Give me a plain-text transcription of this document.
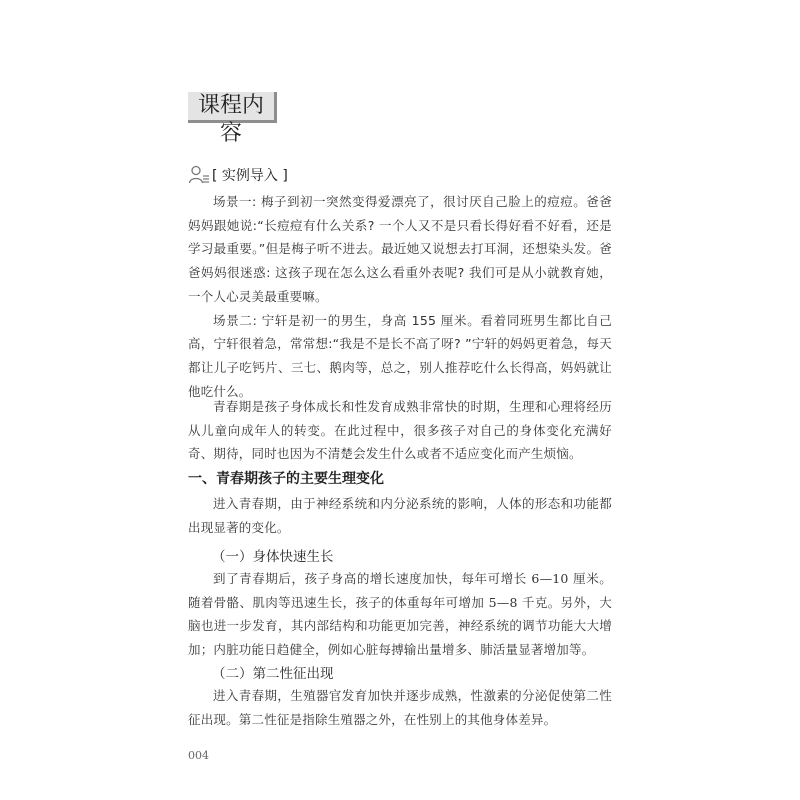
课程内容
[ 实例导入 ]

场景一: 梅子到初一突然变得爱漂亮了，很讨厌自己脸上的痘痘。爸爸妈妈跟她说:“长痘痘有什么关系? 一个人又不是只看长得好看不好看，还是学习最重要。”但是梅子听不进去。最近她又说想去打耳洞，还想染头发。爸爸妈妈很迷惑: 这孩子现在怎么这么看重外表呢? 我们可是从小就教育她，一个人心灵美最重要嘛。

场景二: 宁轩是初一的男生，身高 155 厘米。看着同班男生都比自己高，宁轩很着急，常常想:“我是不是长不高了呀? ”宁轩的妈妈更着急，每天都让儿子吃钙片、三七、鹅肉等，总之，别人推荐吃什么长得高，妈妈就让他吃什么。

青春期是孩子身体成长和性发育成熟非常快的时期，生理和心理将经历从儿童向成年人的转变。在此过程中，很多孩子对自己的身体变化充满好奇、期待，同时也因为不清楚会发生什么或者不适应变化而产生烦恼。

一、青春期孩子的主要生理变化

进入青春期，由于神经系统和内分泌系统的影响，人体的形态和功能都出现显著的变化。

（一）身体快速生长

到了青春期后，孩子身高的增长速度加快，每年可增长 6—10 厘米。随着骨骼、肌肉等迅速生长，孩子的体重每年可增加 5—8 千克。另外，大脑也进一步发育，其内部结构和功能更加完善，神经系统的调节功能大大增加；内脏功能日趋健全，例如心脏每搏输出量增多、肺活量显著增加等。

（二）第二性征出现

进入青春期，生殖器官发育加快并逐步成熟，性激素的分泌促使第二性征出现。第二性征是指除生殖器之外，在性别上的其他身体差异。

004
